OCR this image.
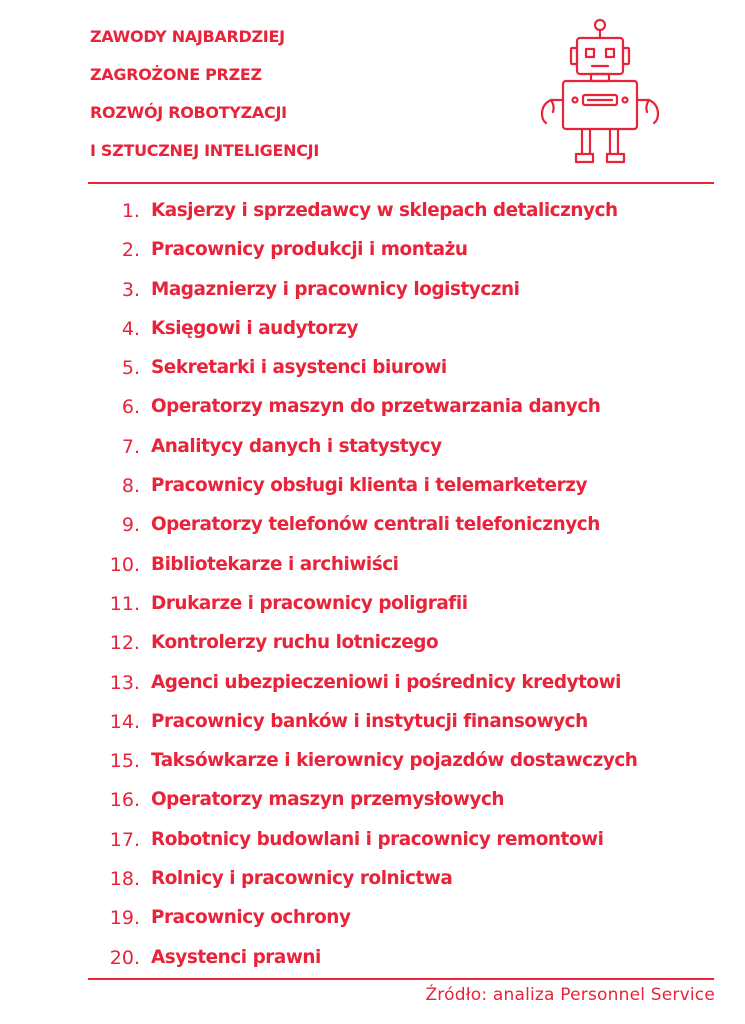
ZAWODY NAJBARDZIEJ
ZAGROŻONE PRZEZ
ROZWÓJ ROBOTYZACJI
I SZTUCZNEJ INTELIGENCJI
1. Kasjerzy i sprzedawcy w sklepach detalicznych
2. Pracownicy produkcji i montażu
3. Magaznierzy i pracownicy logistyczni
4. Księgowi i audytorzy
5. Sekretarki i asystenci biurowi
6. Operatorzy maszyn do przetwarzania danych
7. Analitycy danych i statystycy
8. Pracownicy obsługi klienta i telemarketerzy
9. Operatorzy telefonów centrali telefonicznych
10. Bibliotekarze i archiwiści
11. Drukarze i pracownicy poligrafii
12. Kontrolerzy ruchu lotniczego
13. Agenci ubezpieczeniowi i pośrednicy kredytowi
14. Pracownicy banków i instytucji finansowych
15. Taksówkarze i kierownicy pojazdów dostawczych
16. Operatorzy maszyn przemysłowych
17. Robotnicy budowlani i pracownicy remontowi
18. Rolnicy i pracownicy rolnictwa
19. Pracownicy ochrony
20. Asystenci prawni
Źródło: analiza Personnel Service
